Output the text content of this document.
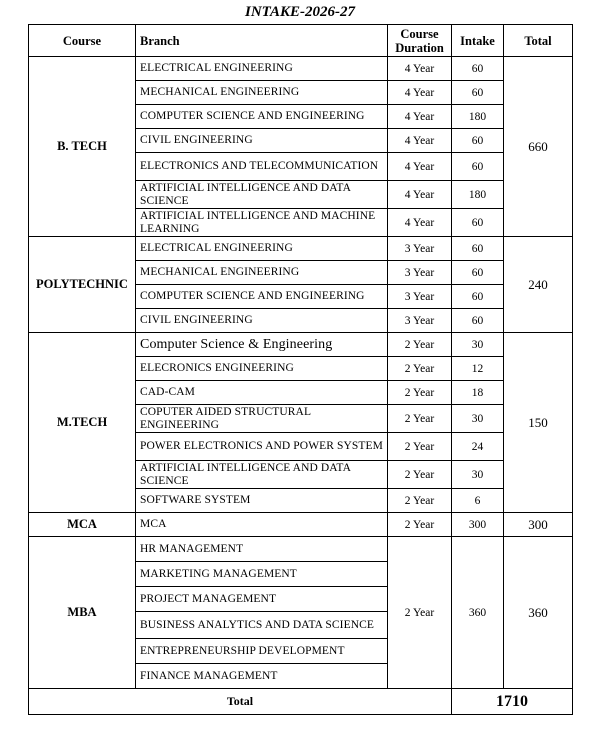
INTAKE-2026-27
Course	Branch	Course Duration	Intake	Total
B. TECH	ELECTRICAL ENGINEERING	4 Year	60	660
	MECHANICAL ENGINEERING	4 Year	60	
	COMPUTER SCIENCE AND ENGINEERING	4 Year	180	
	CIVIL ENGINEERING	4 Year	60	
	ELECTRONICS AND TELECOMMUNICATION	4 Year	60	
	ARTIFICIAL INTELLIGENCE AND DATA SCIENCE	4 Year	180	
	ARTIFICIAL INTELLIGENCE AND MACHINE LEARNING	4 Year	60	
POLYTECHNIC	ELECTRICAL ENGINEERING	3 Year	60	240
	MECHANICAL ENGINEERING	3 Year	60	
	COMPUTER SCIENCE AND ENGINEERING	3 Year	60	
	CIVIL ENGINEERING	3 Year	60	
M.TECH	Computer Science & Engineering	2 Year	30	150
	ELECRONICS ENGINEERING	2 Year	12	
	CAD-CAM	2 Year	18	
	COPUTER AIDED STRUCTURAL ENGINEERING	2 Year	30	
	POWER ELECTRONICS AND POWER SYSTEM	2 Year	24	
	ARTIFICIAL INTELLIGENCE AND DATA SCIENCE	2 Year	30	
	SOFTWARE SYSTEM	2 Year	6	
MCA	MCA	2 Year	300	300
MBA	HR MANAGEMENT	2 Year	360	360
	MARKETING MANAGEMENT			
	PROJECT MANAGEMENT			
	BUSINESS ANALYTICS AND DATA SCIENCE			
	ENTREPRENEURSHIP DEVELOPMENT			
	FINANCE MANAGEMENT			
Total			1710	
